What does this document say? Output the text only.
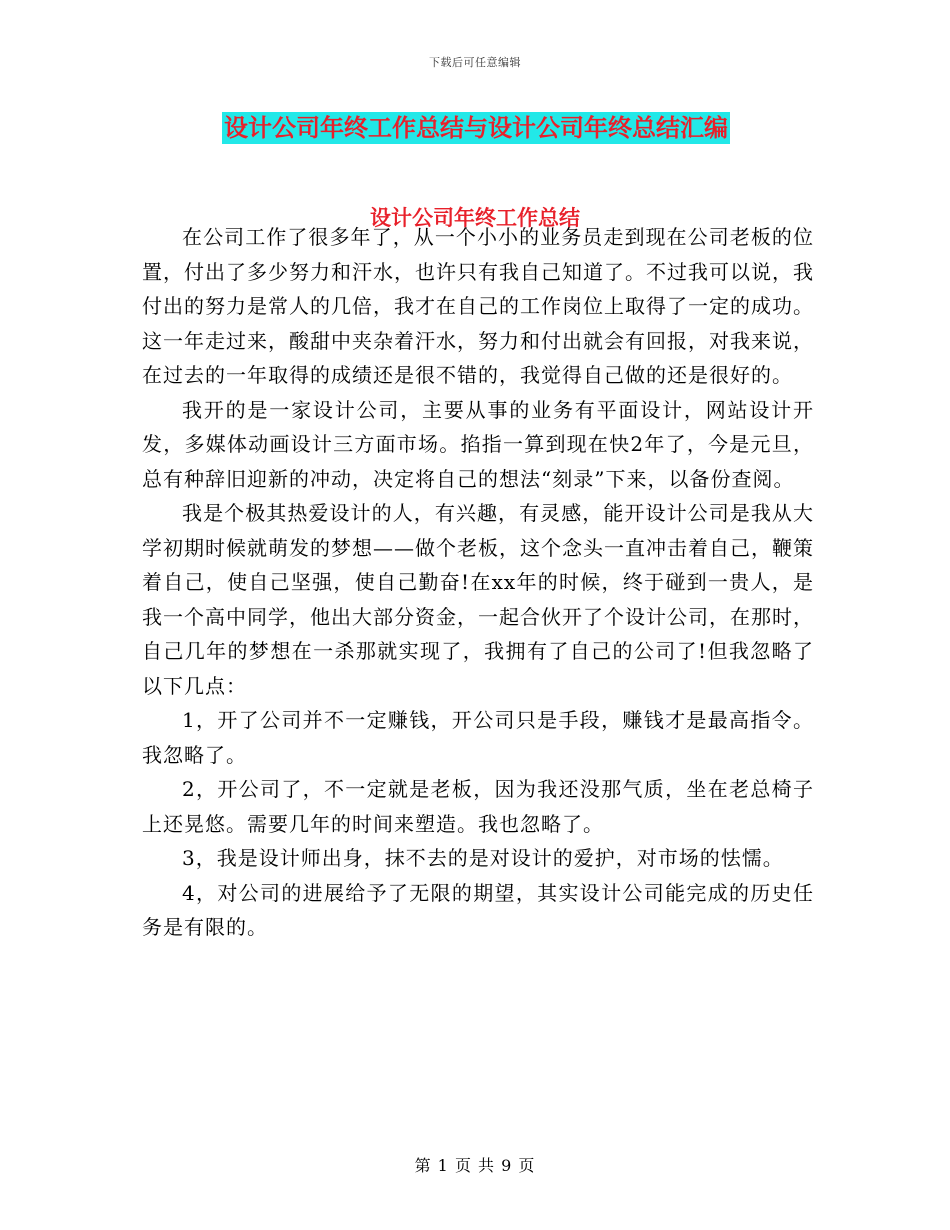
下载后可任意编辑
设计公司年终工作总结与设计公司年终总结汇编
设计公司年终工作总结

在公司工作了很多年了，从一个小小的业务员走到现在公司老板的位置，付出了多少努力和汗水，也许只有我自己知道了。不过我可以说，我付出的努力是常人的几倍，我才在自己的工作岗位上取得了一定的成功。这一年走过来，酸甜中夹杂着汗水，努力和付出就会有回报，对我来说，在过去的一年取得的成绩还是很不错的，我觉得自己做的还是很好的。

我开的是一家设计公司，主要从事的业务有平面设计，网站设计开发，多媒体动画设计三方面市场。掐指一算到现在快2年了，今是元旦，总有种辞旧迎新的冲动，决定将自己的想法“刻录”下来，以备份查阅。

我是个极其热爱设计的人，有兴趣，有灵感，能开设计公司是我从大学初期时候就萌发的梦想——做个老板，这个念头一直冲击着自己，鞭策着自己，使自己坚强，使自己勤奋!在xx年的时候，终于碰到一贵人，是我一个高中同学，他出大部分资金，一起合伙开了个设计公司，在那时，自己几年的梦想在一杀那就实现了，我拥有了自己的公司了!但我忽略了以下几点：

1，开了公司并不一定赚钱，开公司只是手段，赚钱才是最高指令。我忽略了。

2，开公司了，不一定就是老板，因为我还没那气质，坐在老总椅子上还晃悠。需要几年的时间来塑造。我也忽略了。

3，我是设计师出身，抹不去的是对设计的爱护，对市场的怯懦。

4，对公司的进展给予了无限的期望，其实设计公司能完成的历史任务是有限的。

第 1 页 共 9 页
